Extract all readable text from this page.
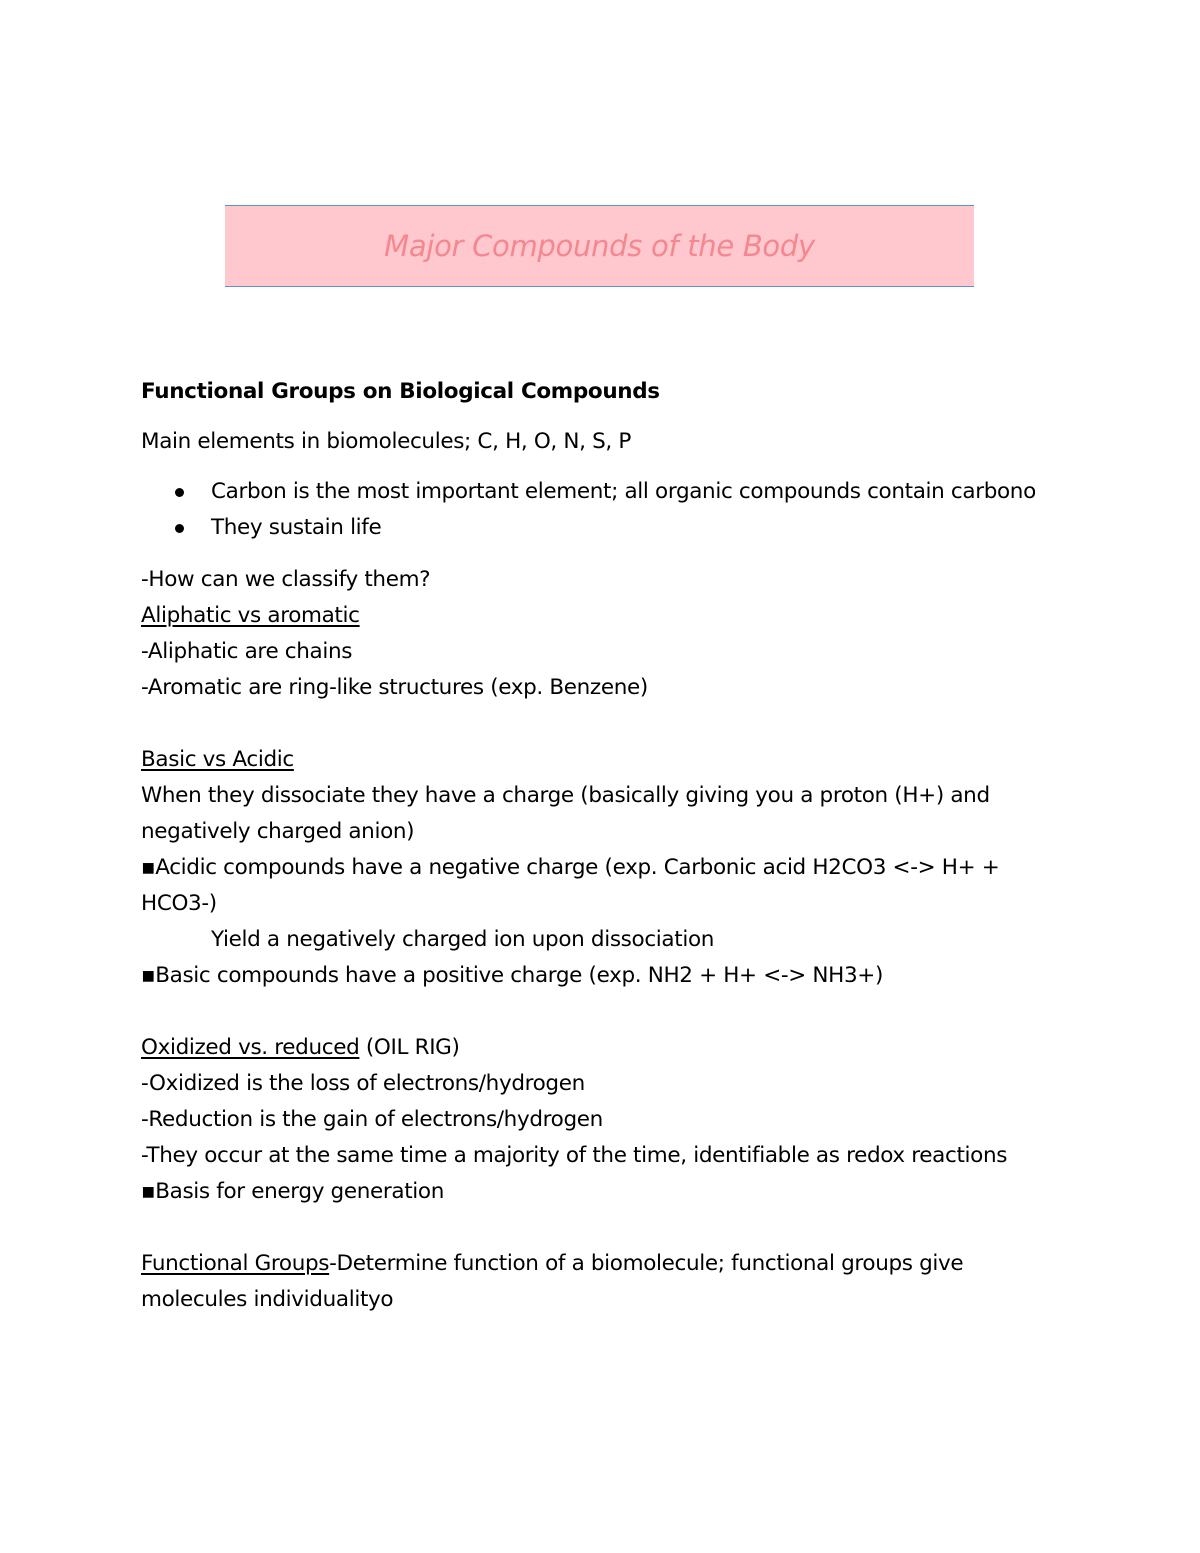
Major Compounds of the Body

Functional Groups on Biological Compounds

Main elements in biomolecules; C, H, O, N, S, P

Carbon is the most important element; all organic compounds contain carbono
They sustain life

-How can we classify them?

Aliphatic vs aromatic

-Aliphatic are chains

-Aromatic are ring-like structures (exp. Benzene)

Basic vs Acidic

When they dissociate they have a charge (basically giving you a proton (H+) and negatively charged anion)

▪Acidic compounds have a negative charge (exp. Carbonic acid H2CO3 <-> H+ + HCO3-)

Yield a negatively charged ion upon dissociation

▪Basic compounds have a positive charge (exp. NH2 + H+ <-> NH3+)

Oxidized vs. reduced (OIL RIG)

-Oxidized is the loss of electrons/hydrogen

-Reduction is the gain of electrons/hydrogen

-They occur at the same time a majority of the time, identifiable as redox reactions

▪Basis for energy generation

Functional Groups-Determine function of a biomolecule; functional groups give molecules individualityo
